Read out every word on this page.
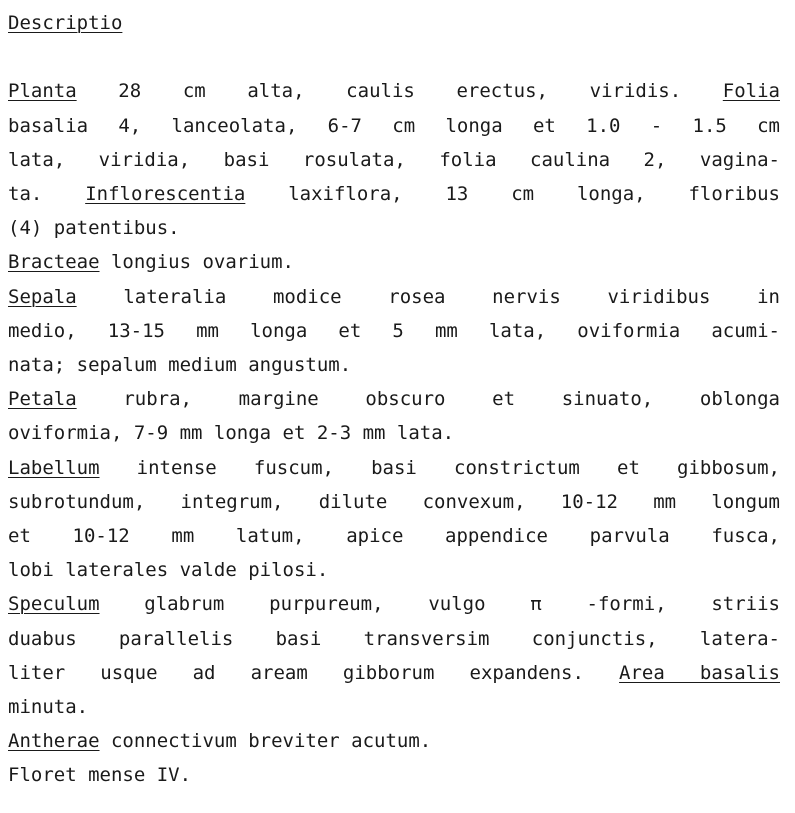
Descriptio
Planta 28 cm alta, caulis erectus, viridis. Folia
basalia 4, lanceolata, 6-7 cm longa et 1.0 - 1.5 cm
lata, viridia, basi rosulata, folia caulina 2, vagina-
ta. Inflorescentia laxiflora, 13 cm longa, floribus
(4) patentibus.
Bracteae longius ovarium.
Sepala lateralia modice rosea nervis viridibus in
medio, 13-15 mm longa et 5 mm lata, oviformia acumi-
nata; sepalum medium angustum.
Petala rubra, margine obscuro et sinuato, oblonga
oviformia, 7-9 mm longa et 2-3 mm lata.
Labellum intense fuscum, basi constrictum et gibbosum,
subrotundum, integrum, dilute convexum, 10-12 mm longum
et 10-12 mm latum, apice appendice parvula fusca,
lobi laterales valde pilosi.
Speculum glabrum purpureum, vulgo π -formi, striis
duabus parallelis basi transversim conjunctis, latera-
liter usque ad aream gibborum expandens. Area basalis
minuta.
Antherae connectivum breviter acutum.
Floret mense IV.
